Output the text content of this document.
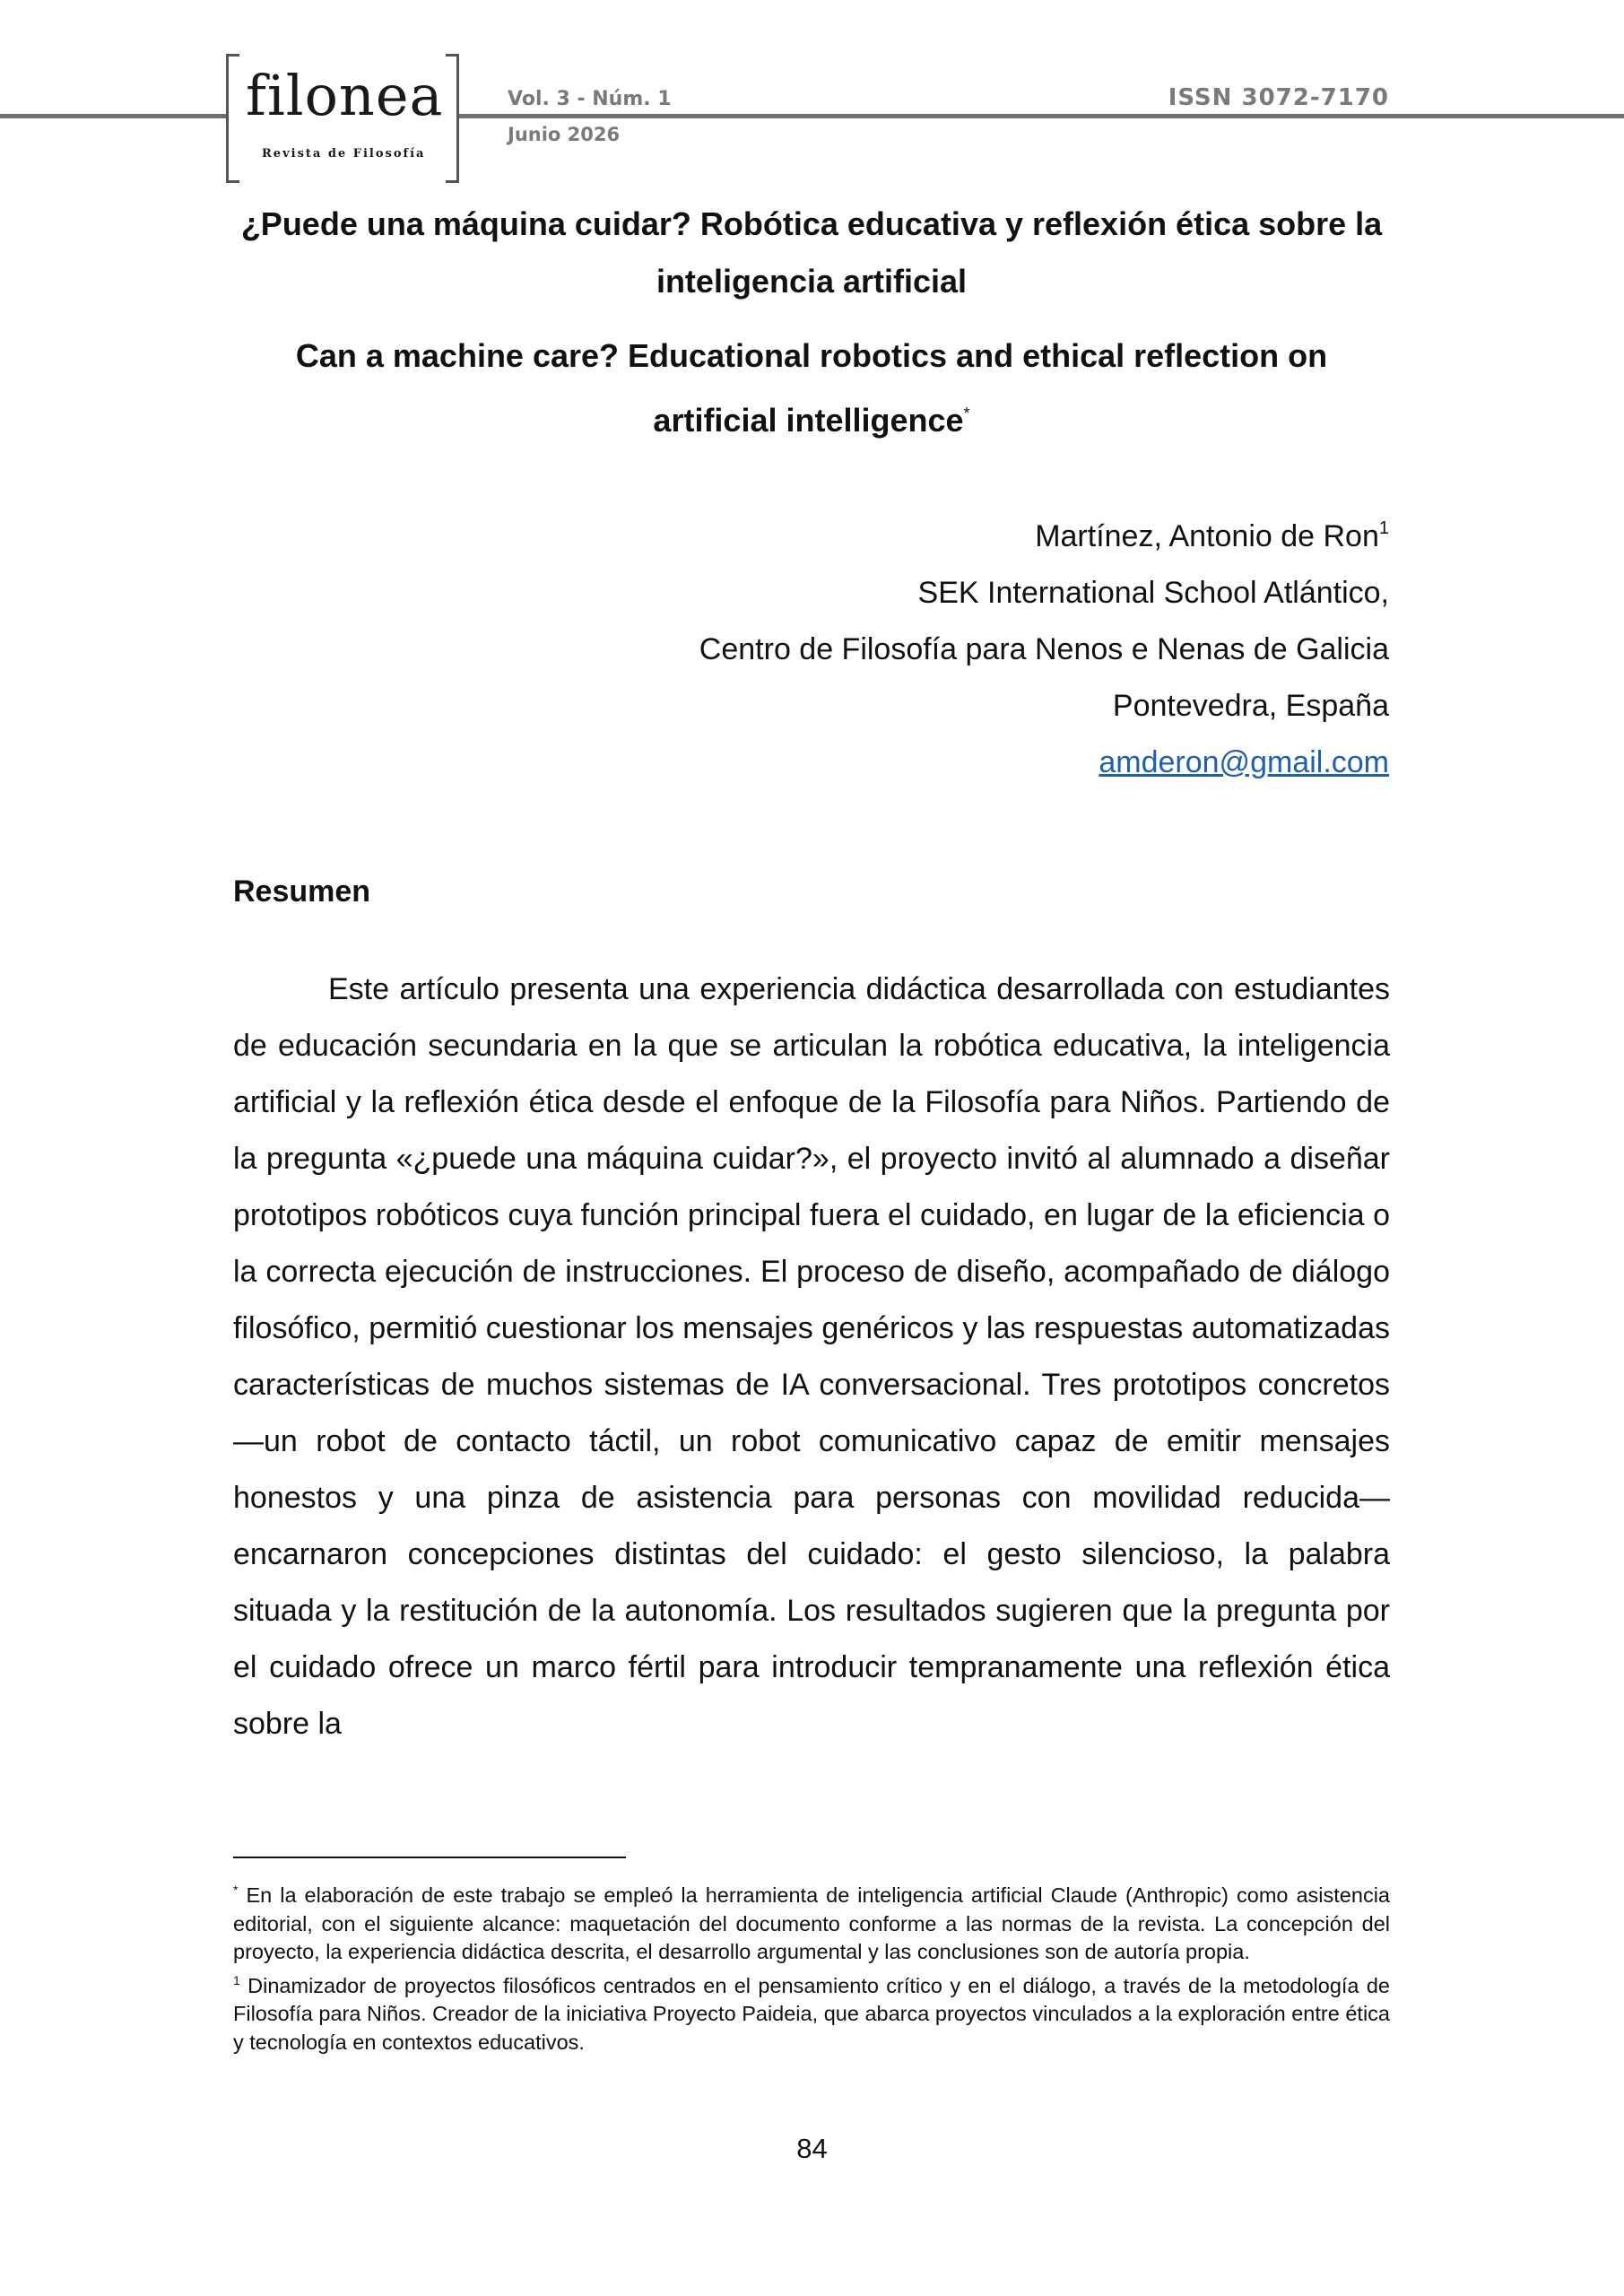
filonea
Revista de Filosofía
Vol. 3 - Núm. 1
Junio 2026
ISSN 3072-7170
¿Puede una máquina cuidar? Robótica educativa y reflexión ética sobre la inteligencia artificial
Can a machine care? Educational robotics and ethical reflection on artificial intelligence*
Martínez, Antonio de Ron$^1$
SEK International School Atlántico,
Centro de Filosofía para Nenos e Nenas de Galicia
Pontevedra, España
amderon@gmail.com
Resumen

Este artículo presenta una experiencia didáctica desarrollada con estudiantes de educación secundaria en la que se articulan la robótica educativa, la inteligencia artificial y la reflexión ética desde el enfoque de la Filosofía para Niños. Partiendo de la pregunta «¿puede una máquina cuidar?», el proyecto invitó al alumnado a diseñar prototipos robóticos cuya función principal fuera el cuidado, en lugar de la eficiencia o la correcta ejecución de instrucciones. El proceso de diseño, acompañado de diálogo filosófico, permitió cuestionar los mensajes genéricos y las respuestas automatizadas características de muchos sistemas de IA conversacional. Tres prototipos concretos —un robot de contacto táctil, un robot comunicativo capaz de emitir mensajes honestos y una pinza de asistencia para personas con movilidad reducida— encarnaron concepciones distintas del cuidado: el gesto silencioso, la palabra situada y la restitución de la autonomía. Los resultados sugieren que la pregunta por el cuidado ofrece un marco fértil para introducir tempranamente una reflexión ética sobre la

* En la elaboración de este trabajo se empleó la herramienta de inteligencia artificial Claude (Anthropic) como asistencia editorial, con el siguiente alcance: maquetación del documento conforme a las normas de la revista. La concepción del proyecto, la experiencia didáctica descrita, el desarrollo argumental y las conclusiones son de autoría propia.

$^1$ Dinamizador de proyectos filosóficos centrados en el pensamiento crítico y en el diálogo, a través de la metodología de Filosofía para Niños. Creador de la iniciativa Proyecto Paideia, que abarca proyectos vinculados a la exploración entre ética y tecnología en contextos educativos.

84
